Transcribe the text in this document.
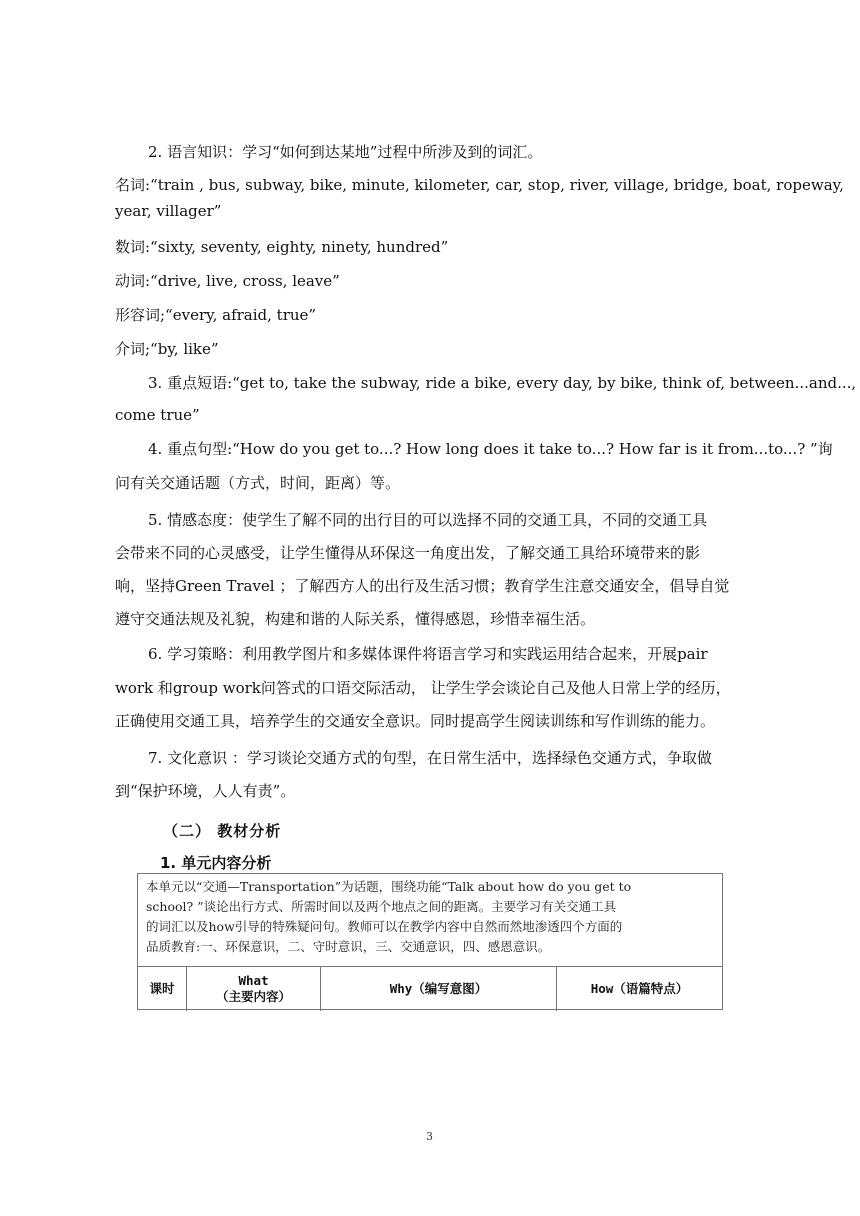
2. 语言知识：学习“如何到达某地”过程中所涉及到的词汇。
名词:“train , bus, subway, bike, minute, kilometer, car, stop, river, village, bridge, boat, ropeway,
year, villager”
数词:“sixty, seventy, eighty, ninety, hundred”
动词:“drive, live, cross, leave”
形容词;“every, afraid, true”
介词;“by, like”
3. 重点短语:“get to, take the subway, ride a bike, every day, by bike, think of, between...and...,
come true”
4. 重点句型:“How do you get to...? How long does it take to...? How far is it from...to...? ”询
问有关交通话题（方式，时间，距离）等。
5. 情感态度：使学生了解不同的出行目的可以选择不同的交通工具，不同的交通工具
会带来不同的心灵感受，让学生懂得从环保这一角度出发，了解交通工具给环境带来的影
响，坚持Green Travel ；了解西方人的出行及生活习惯；教育学生注意交通安全，倡导自觉
遵守交通法规及礼貌，构建和谐的人际关系，懂得感恩，珍惜幸福生活。
6. 学习策略：利用教学图片和多媒体课件将语言学习和实践运用结合起来，开展pair
work 和group work问答式的口语交际活动， 让学生学会谈论自己及他人日常上学的经历，
正确使用交通工具，培养学生的交通安全意识。同时提高学生阅读训练和写作训练的能力。
7. 文化意识 ：学习谈论交通方式的句型，在日常生活中，选择绿色交通方式，争取做
到“保护环境，人人有责”。
（二） 教材分析
1. 单元内容分析
本单元以“交通—Transportation”为话题，围绕功能“Talk about how do you get to
school? ”谈论出行方式、所需时间以及两个地点之间的距离。主要学习有关交通工具
的词汇以及how引导的特殊疑问句。教师可以在教学内容中自然而然地渗透四个方面的
品质教育:一、环保意识，二、守时意识，三、交通意识，四、感恩意识。
课时
What
（主要内容）
Why（编写意图）	How（语篇特点）
3
